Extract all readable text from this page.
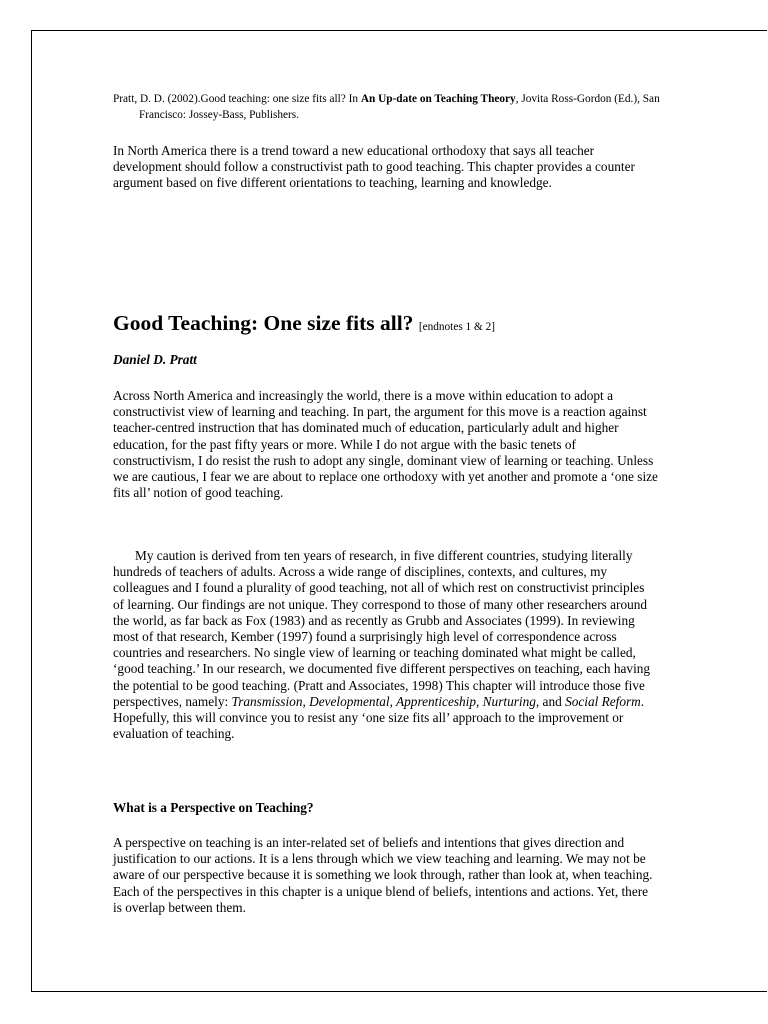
Pratt, D. D. (2002).Good teaching: one size fits all? In An Up-date on Teaching Theory, Jovita Ross-Gordon (Ed.), San Francisco: Jossey-Bass, Publishers.

In North America there is a trend toward a new educational orthodoxy that says all teacher development should follow a constructivist path to good teaching. This chapter provides a counter argument based on five different orientations to teaching, learning and knowledge.

Good Teaching: One size fits all? [endnotes 1 & 2]

Daniel D. Pratt

Across North America and increasingly the world, there is a move within education to adopt a constructivist view of learning and teaching. In part, the argument for this move is a reaction against teacher-centred instruction that has dominated much of education, particularly adult and higher education, for the past fifty years or more. While I do not argue with the basic tenets of constructivism, I do resist the rush to adopt any single, dominant view of learning or teaching. Unless we are cautious, I fear we are about to replace one orthodoxy with yet another and promote a ‘one size fits all’ notion of good teaching.

My caution is derived from ten years of research, in five different countries, studying literally hundreds of teachers of adults. Across a wide range of disciplines, contexts, and cultures, my colleagues and I found a plurality of good teaching, not all of which rest on constructivist principles of learning. Our findings are not unique. They correspond to those of many other researchers around the world, as far back as Fox (1983) and as recently as Grubb and Associates (1999). In reviewing most of that research, Kember (1997) found a surprisingly high level of correspondence across countries and researchers. No single view of learning or teaching dominated what might be called, ‘good teaching.’ In our research, we documented five different perspectives on teaching, each having the potential to be good teaching. (Pratt and Associates, 1998) This chapter will introduce those five perspectives, namely: Transmission, Developmental, Apprenticeship, Nurturing, and Social Reform. Hopefully, this will convince you to resist any ‘one size fits all’ approach to the improvement or evaluation of teaching.

What is a Perspective on Teaching?

A perspective on teaching is an inter-related set of beliefs and intentions that gives direction and justification to our actions. It is a lens through which we view teaching and learning. We may not be aware of our perspective because it is something we look through, rather than look at, when teaching. Each of the perspectives in this chapter is a unique blend of beliefs, intentions and actions. Yet, there is overlap between them.
